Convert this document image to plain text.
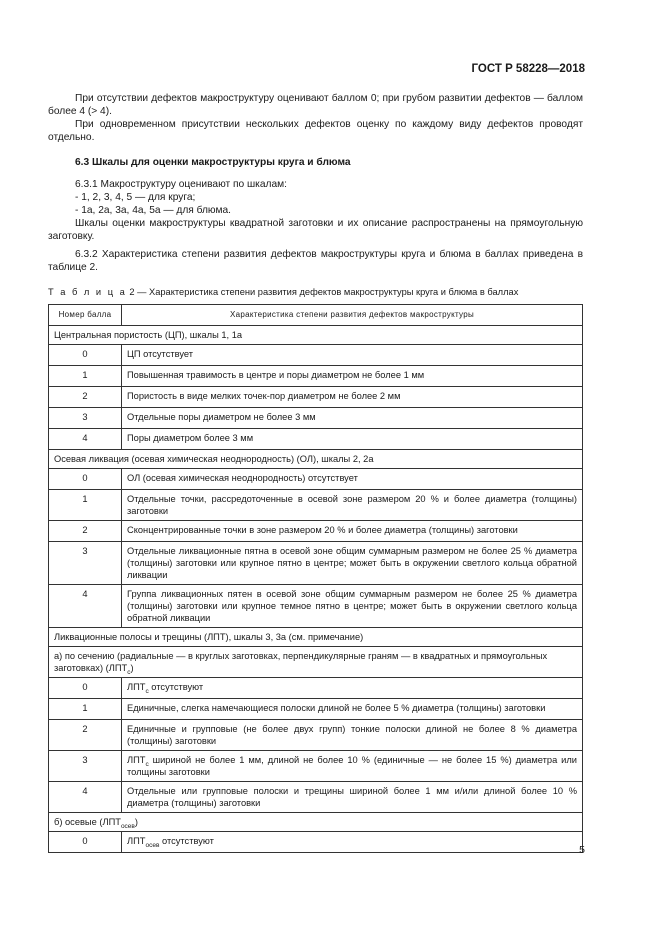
ГОСТ Р 58228—2018

При отсутствии дефектов макроструктуру оценивают баллом 0; при грубом развитии дефектов — баллом более 4 (> 4).

При одновременном присутствии нескольких дефектов оценку по каждому виду дефектов проводят отдельно.

6.3 Шкалы для оценки макроструктуры круга и блюма

6.3.1 Макроструктуру оценивают по шкалам:

- 1, 2, 3, 4, 5 — для круга;

- 1а, 2а, 3а, 4а, 5а — для блюма.

Шкалы оценки макроструктуры квадратной заготовки и их описание распространены на прямоугольную заготовку.

6.3.2 Характеристика степени развития дефектов макроструктуры круга и блюма в баллах приведена в таблице 2.

Т а б л и ц а 2 — Характеристика степени развития дефектов макроструктуры круга и блюма в баллах
Номер балла	Характеристика степени развития дефектов макроструктуры
Центральная пористость (ЦП), шкалы 1, 1а	
0	ЦП отсутствует
1	Повышенная травимость в центре и поры диаметром не более 1 мм
2	Пористость в виде мелких точек-пор диаметром не более 2 мм
3	Отдельные поры диаметром не более 3 мм
4	Поры диаметром более 3 мм
Осевая ликвация (осевая химическая неоднородность) (ОЛ), шкалы 2, 2а	
0	ОЛ (осевая химическая неоднородность) отсутствует
1	Отдельные точки, рассредоточенные в осевой зоне размером 20 % и более диаметра (толщины) заготовки
2	Сконцентрированные точки в зоне размером 20 % и более диаметра (толщины) заготовки
3	Отдельные ликвационные пятна в осевой зоне общим суммарным размером не более 25 % диаметра (толщины) заготовки или крупное пятно в центре; может быть в окружении светлого кольца обратной ликвации
4	Группа ликвационных пятен в осевой зоне общим суммарным размером не более 25 % диаметра (толщины) заготовки или крупное темное пятно в центре; может быть в окружении светлого кольца обратной ликвации
Ликвационные полосы и трещины (ЛПТ), шкалы 3, 3а (см. примечание)	
а) по сечению (радиальные — в круглых заготовках, перпендикулярные граням — в квадратных и прямоугольных заготовках) $(ЛПТ_с)$	
0	$ЛПТ_с$ отсутствуют
1	Единичные, слегка намечающиеся полоски длиной не более 5 % диаметра (толщины) заготовки
2	Единичные и групповые (не более двух групп) тонкие полоски длиной не более 8 % диаметра (толщины) заготовки
3	$ЛПТ_с$ шириной не более 1 мм, длиной не более 10 % (единичные — не более 15 %) диаметра или толщины заготовки
4	Отдельные или групповые полоски и трещины шириной более 1 мм и/или длиной более 10 % диаметра (толщины) заготовки
б) осевые $(ЛПТ_{осев})$	
0	$ЛПТ_{осев}$ отсутствуют
5
